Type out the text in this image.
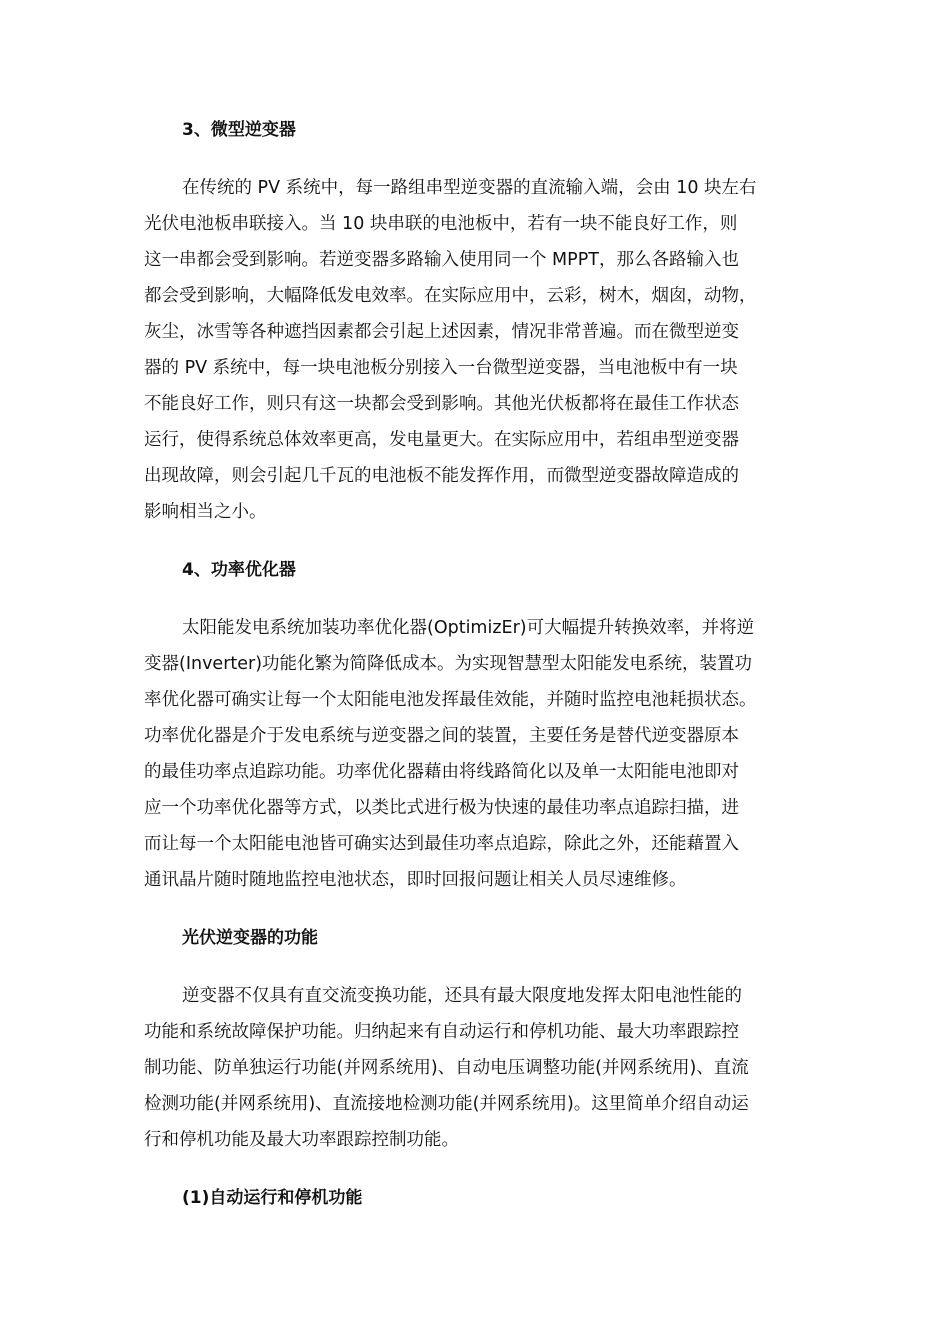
3、微型逆变器
在传统的 PV 系统中，每一路组串型逆变器的直流输入端，会由 10 块左右
光伏电池板串联接入。当 10 块串联的电池板中，若有一块不能良好工作，则
这一串都会受到影响。若逆变器多路输入使用同一个 MPPT，那么各路输入也
都会受到影响，大幅降低发电效率。在实际应用中，云彩，树木，烟囱，动物，
灰尘，冰雪等各种遮挡因素都会引起上述因素，情况非常普遍。而在微型逆变
器的 PV 系统中，每一块电池板分别接入一台微型逆变器，当电池板中有一块
不能良好工作，则只有这一块都会受到影响。其他光伏板都将在最佳工作状态
运行，使得系统总体效率更高，发电量更大。在实际应用中，若组串型逆变器
出现故障，则会引起几千瓦的电池板不能发挥作用，而微型逆变器故障造成的
影响相当之小。
4、功率优化器
太阳能发电系统加装功率优化器(OptimizEr)可大幅提升转换效率，并将逆
变器(Inverter)功能化繁为简降低成本。为实现智慧型太阳能发电系统，装置功
率优化器可确实让每一个太阳能电池发挥最佳效能，并随时监控电池耗损状态。
功率优化器是介于发电系统与逆变器之间的装置，主要任务是替代逆变器原本
的最佳功率点追踪功能。功率优化器藉由将线路简化以及单一太阳能电池即对
应一个功率优化器等方式，以类比式进行极为快速的最佳功率点追踪扫描，进
而让每一个太阳能电池皆可确实达到最佳功率点追踪，除此之外，还能藉置入
通讯晶片随时随地监控电池状态，即时回报问题让相关人员尽速维修。
光伏逆变器的功能
逆变器不仅具有直交流变换功能，还具有最大限度地发挥太阳电池性能的
功能和系统故障保护功能。归纳起来有自动运行和停机功能、最大功率跟踪控
制功能、防单独运行功能(并网系统用)、自动电压调整功能(并网系统用)、直流
检测功能(并网系统用)、直流接地检测功能(并网系统用)。这里简单介绍自动运
行和停机功能及最大功率跟踪控制功能。
(1)自动运行和停机功能
